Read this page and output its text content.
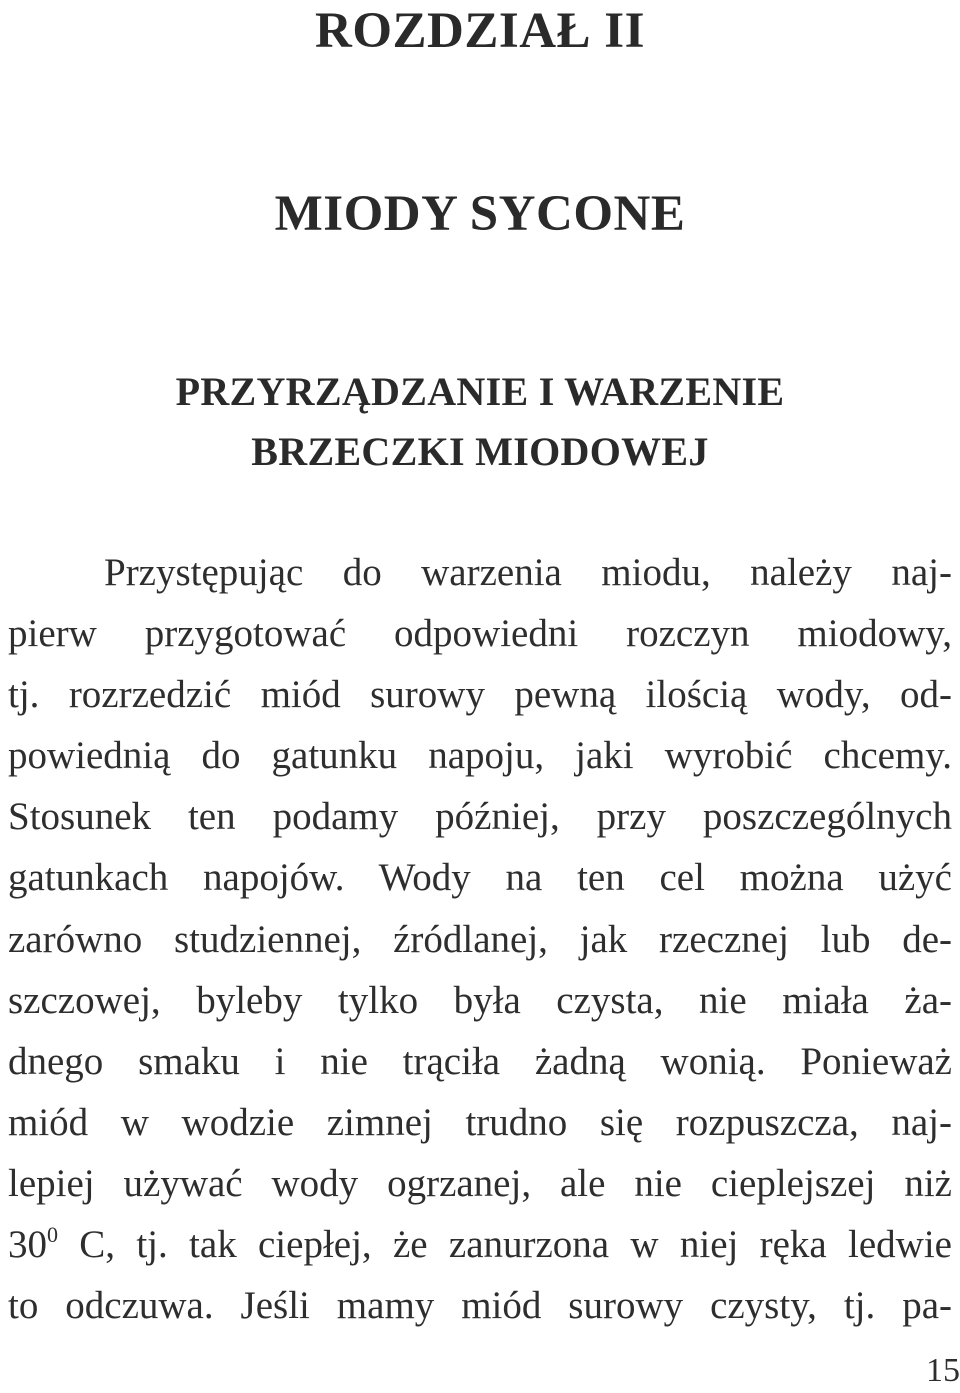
ROZDZIAŁ II
MIODY SYCONE
PRZYRZĄDZANIE I WARZENIE
BRZECZKI MIODOWEJ
Przystępując do warzenia miodu, należy naj-
pierw przygotować odpowiedni rozczyn miodowy,
tj. rozrzedzić miód surowy pewną ilością wody, od-
powiednią do gatunku napoju, jaki wyrobić chcemy.
Stosunek ten podamy później, przy poszczególnych
gatunkach napojów. Wody na ten cel można użyć
zarówno studziennej, źródlanej, jak rzecznej lub de-
szczowej, byleby tylko była czysta, nie miała ża-
dnego smaku i nie trąciła żadną wonią. Ponieważ
miód w wodzie zimnej trudno się rozpuszcza, naj-
lepiej używać wody ogrzanej, ale nie cieplejszej niż
$30^0$ C, tj. tak ciepłej, że zanurzona w niej ręka ledwie
to odczuwa. Jeśli mamy miód surowy czysty, tj. pa-
15
